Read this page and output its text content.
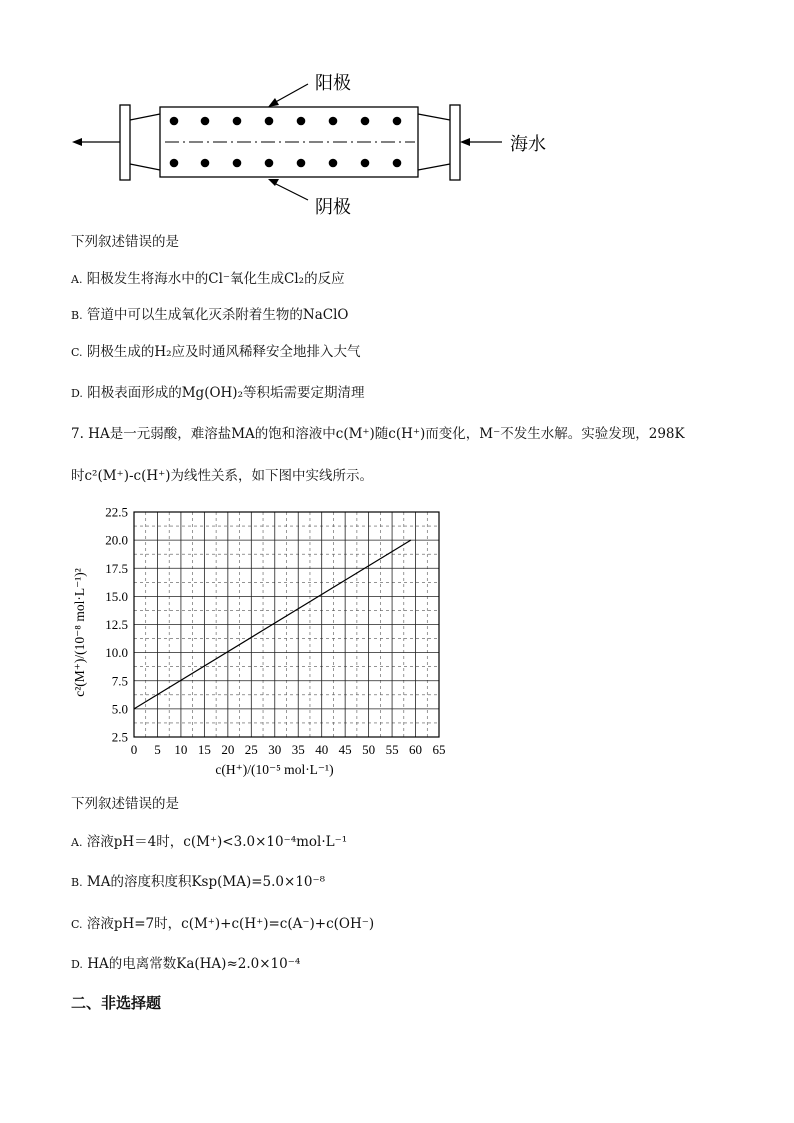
阳极
阴极
海水
下列叙述错误的是
A. 阳极发生将海水中的Cl⁻氧化生成Cl₂的反应
B. 管道中可以生成氧化灭杀附着生物的NaClO
C. 阴极生成的H₂应及时通风稀释安全地排入大气
D. 阳极表面形成的Mg(OH)₂等积垢需要定期清理
7. HA是一元弱酸，难溶盐MA的饱和溶液中c(M⁺)随c(H⁺)而变化，M⁻不发生水解。实验发现，298K
时c²(M⁺)-c(H⁺)为线性关系，如下图中实线所示。
0 5 10 15 20 25 30 35 40 45 50 55 60 65
2.5
5.0
7.5
10.0
12.5
15.0
17.5
20.0
22.5
c(H⁺)/(10⁻⁵ mol·L⁻¹)
c²(M⁺)/(10⁻⁸ mol·L⁻¹)²
下列叙述错误的是
A. 溶液pH＝4时，c(M⁺)<3.0×10⁻⁴mol·L⁻¹
B. MA的溶度积度积Ksp(MA)=5.0×10⁻⁸
C. 溶液pH=7时，c(M⁺)+c(H⁺)=c(A⁻)+c(OH⁻)
D. HA的电离常数Ka(HA)≈2.0×10⁻⁴
二、非选择题
